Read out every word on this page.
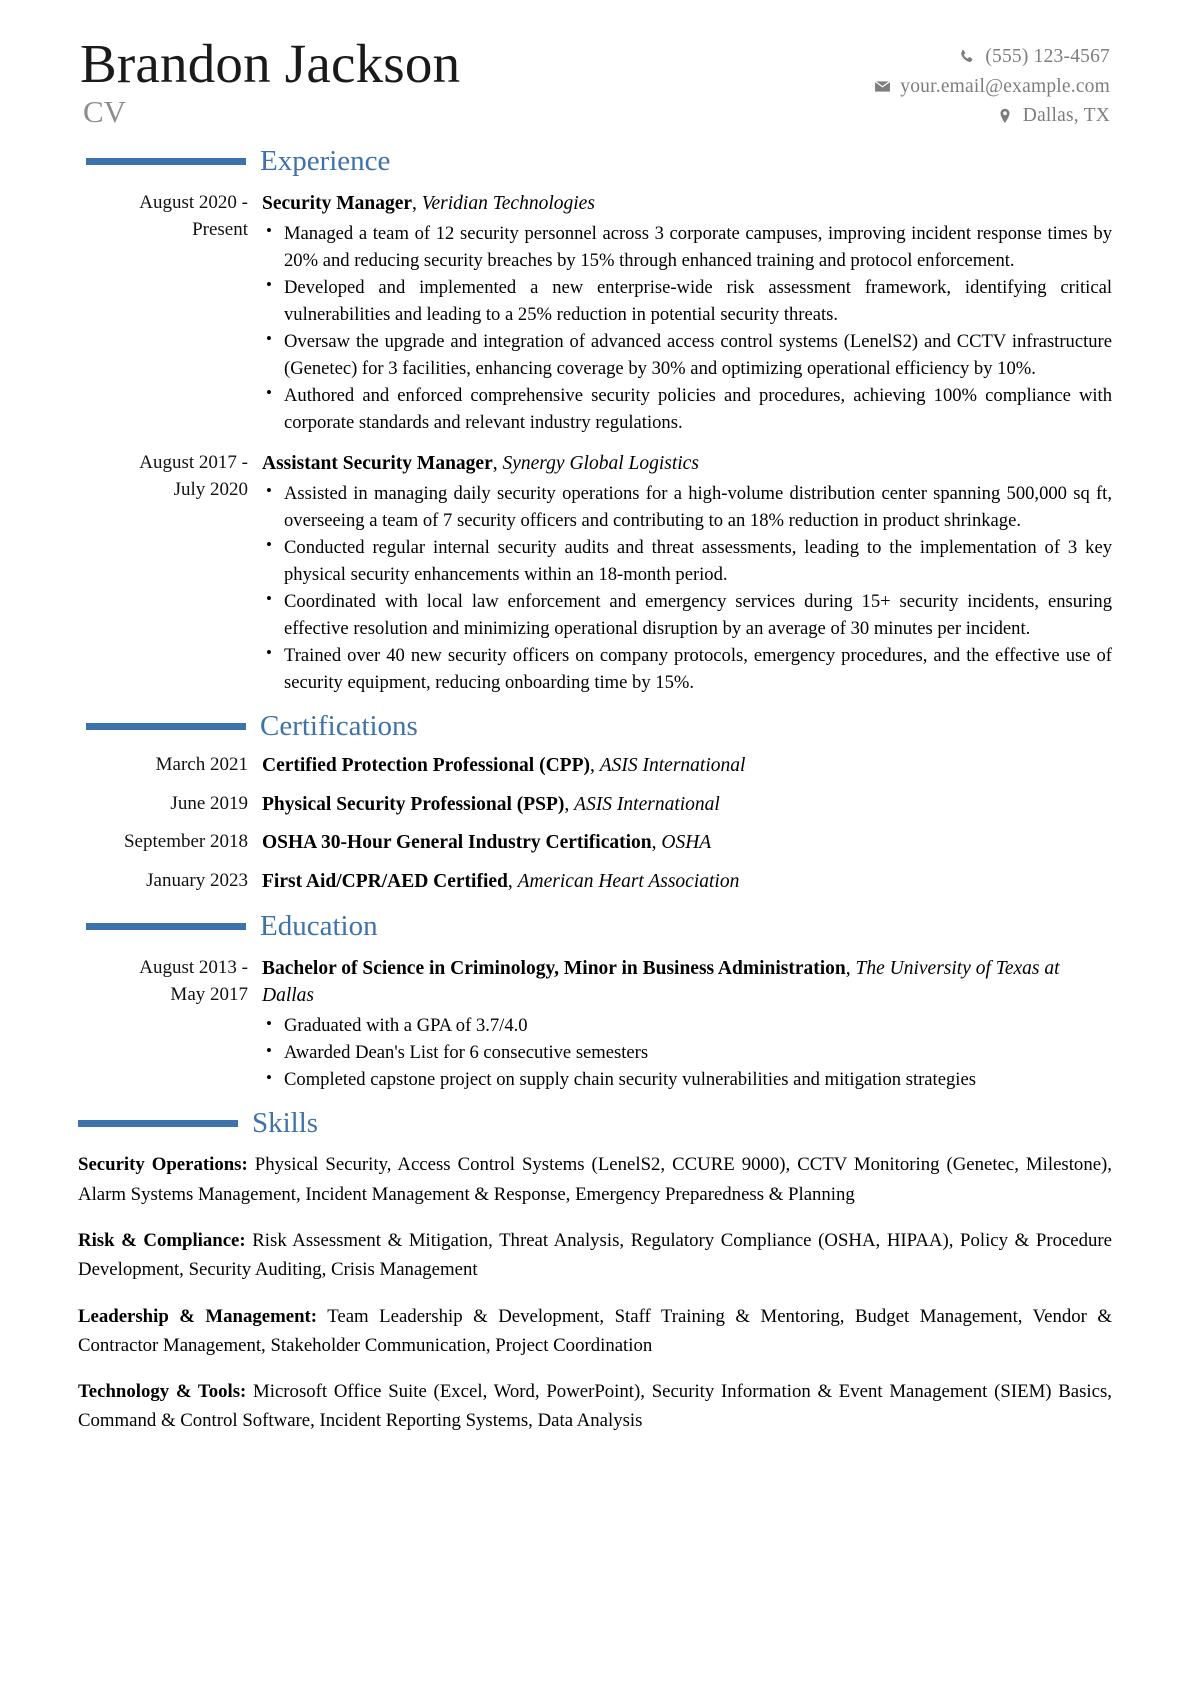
Brandon Jackson
CV
(555) 123-4567
your.email@example.com
Dallas, TX
Experience
August 2020 -
Present
Security Manager, Veridian Technologies
• Managed a team of 12 security personnel across 3 corporate campuses, improving incident response times by 20% and reducing security breaches by 15% through enhanced training and protocol enforcement.
• Developed and implemented a new enterprise-wide risk assessment framework, identifying critical vulnerabilities and leading to a 25% reduction in potential security threats.
• Oversaw the upgrade and integration of advanced access control systems (LenelS2) and CCTV infrastructure (Genetec) for 3 facilities, enhancing coverage by 30% and optimizing operational efficiency by 10%.
• Authored and enforced comprehensive security policies and procedures, achieving 100% compliance with corporate standards and relevant industry regulations.
August 2017 -
July 2020
Assistant Security Manager, Synergy Global Logistics
• Assisted in managing daily security operations for a high-volume distribution center spanning 500,000 sq ft, overseeing a team of 7 security officers and contributing to an 18% reduction in product shrinkage.
• Conducted regular internal security audits and threat assessments, leading to the implementation of 3 key physical security enhancements within an 18-month period.
• Coordinated with local law enforcement and emergency services during 15+ security incidents, ensuring effective resolution and minimizing operational disruption by an average of 30 minutes per incident.
• Trained over 40 new security officers on company protocols, emergency procedures, and the effective use of security equipment, reducing onboarding time by 15%.
Certifications
March 2021 Certified Protection Professional (CPP), ASIS International
June 2019 Physical Security Professional (PSP), ASIS International
September 2018 OSHA 30-Hour General Industry Certification, OSHA
January 2023 First Aid/CPR/AED Certified, American Heart Association
Education
August 2013 -
May 2017
Bachelor of Science in Criminology, Minor in Business Administration, The University of Texas at Dallas
• Graduated with a GPA of 3.7/4.0
• Awarded Dean's List for 6 consecutive semesters
• Completed capstone project on supply chain security vulnerabilities and mitigation strategies
Skills
Security Operations: Physical Security, Access Control Systems (LenelS2, CCURE 9000), CCTV Monitoring (Genetec, Milestone), Alarm Systems Management, Incident Management & Response, Emergency Preparedness & Planning
Risk & Compliance: Risk Assessment & Mitigation, Threat Analysis, Regulatory Compliance (OSHA, HIPAA), Policy & Procedure Development, Security Auditing, Crisis Management
Leadership & Management: Team Leadership & Development, Staff Training & Mentoring, Budget Management, Vendor & Contractor Management, Stakeholder Communication, Project Coordination
Technology & Tools: Microsoft Office Suite (Excel, Word, PowerPoint), Security Information & Event Management (SIEM) Basics, Command & Control Software, Incident Reporting Systems, Data Analysis
